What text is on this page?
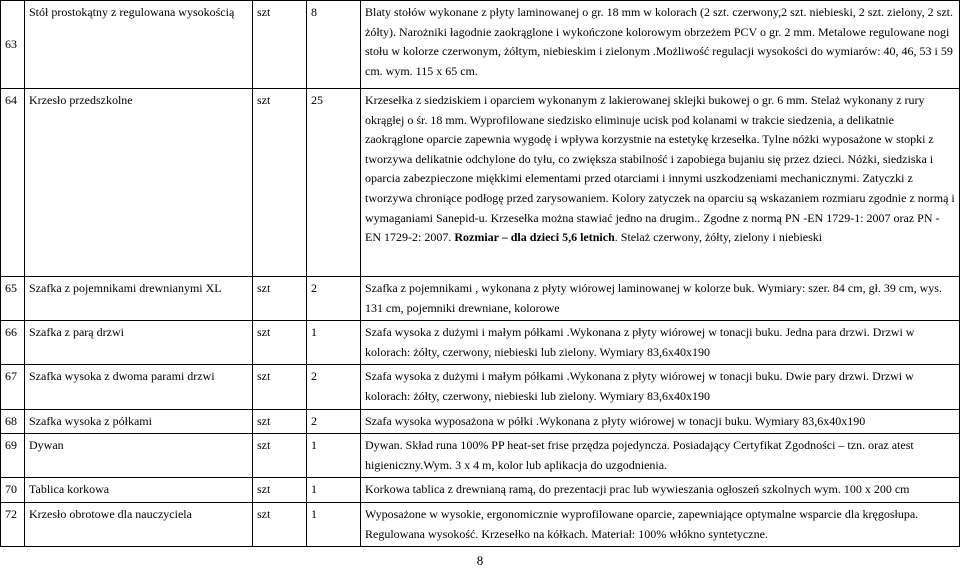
63	Stół prostokątny z regulowana wysokością	szt	8	Blaty stołów wykonane z płyty laminowanej o gr. 18 mm w kolorach (2 szt. czerwony,2 szt. niebieski, 2 szt. zielony, 2 szt. żółty). Narożniki łagodnie zaokrąglone i wykończone kolorowym obrzeżem PCV o gr. 2 mm. Metalowe regulowane nogi stołu w kolorze czerwonym, żółtym, niebieskim i zielonym .Możliwość regulacji wysokości do wymiarów: 40, 46, 53 i 59 cm. wym. 115 x 65 cm.
64	Krzesło przedszkolne	szt	25	Krzesełka z siedziskiem i oparciem wykonanym z lakierowanej sklejki bukowej o gr. 6 mm. Stelaż wykonany z rury okrągłej o śr. 18 mm. Wyprofilowane siedzisko eliminuje ucisk pod kolanami w trakcie siedzenia, a delikatnie zaokrąglone oparcie zapewnia wygodę i wpływa korzystnie na estetykę krzesełka. Tylne nóżki wyposażone w stopki z tworzywa delikatnie odchylone do tyłu, co zwiększa stabilność i zapobiega bujaniu się przez dzieci. Nóżki, siedziska i oparcia zabezpieczone miękkimi elementami przed otarciami i innymi uszkodzeniami mechanicznymi. Zatyczki z tworzywa chroniące podłogę przed zarysowaniem. Kolory zatyczek na oparciu są wskazaniem rozmiaru zgodnie z normą i wymaganiami Sanepid-u. Krzesełka można stawiać jedno na drugim.. Zgodne z normą PN -EN 1729-1: 2007 oraz PN -EN 1729-2: 2007. Rozmiar – dla dzieci 5,6 letnich. Stelaż czerwony, żółty, zielony i niebieski
65	Szafka z pojemnikami drewnianymi XL	szt	2	Szafka z pojemnikami , wykonana z płyty wiórowej laminowanej w kolorze buk. Wymiary: szer. 84 cm, gł. 39 cm, wys. 131 cm, pojemniki drewniane, kolorowe
66	Szafka z parą drzwi	szt	1	Szafa wysoka z dużymi i małym półkami .Wykonana z płyty wiórowej w tonacji buku. Jedna para drzwi. Drzwi w kolorach: żółty, czerwony, niebieski lub zielony. Wymiary 83,6x40x190
67	Szafka wysoka z dwoma parami drzwi	szt	2	Szafa wysoka z dużymi i małym półkami .Wykonana z płyty wiórowej w tonacji buku. Dwie pary drzwi. Drzwi w kolorach: żółty, czerwony, niebieski lub zielony. Wymiary 83,6x40x190
68	Szafka wysoka z półkami	szt	2	Szafa wysoka wyposażona w półki .Wykonana z płyty wiórowej w tonacji buku. Wymiary 83,6x40x190
69	Dywan	szt	1	Dywan. Skład runa 100% PP heat-set frise przędza pojedyncza. Posiadający Certyfikat Zgodności – tzn. oraz atest higieniczny.Wym. 3 x 4 m, kolor lub aplikacja do uzgodnienia.
70	Tablica korkowa	szt	1	Korkowa tablica z drewnianą ramą, do prezentacji prac lub wywieszania ogłoszeń szkolnych wym. 100 x 200 cm
72	Krzesło obrotowe dla nauczyciela	szt	1	Wyposażone w wysokie, ergonomicznie wyprofilowane oparcie, zapewniające optymalne wsparcie dla kręgosłupa. Regulowana wysokość. Krzesełko na kółkach. Materiał: 100% włókno syntetyczne.
8
